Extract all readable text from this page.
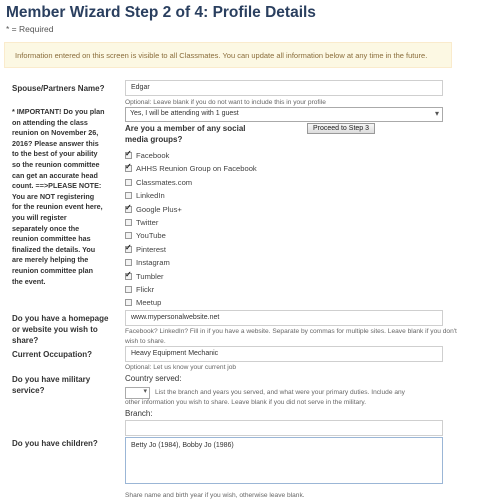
Member Wizard Step 2 of 4: Profile Details
* = Required
Information entered on this screen is visible to all Classmates. You can update all information below at any time in the future.
Spouse/Partners Name?	Edgar
Optional: Leave blank if you do not want to include this in your profile
* IMPORTANT! Do you plan
on attending the class
reunion on November 26,
2016? Please answer this
to the best of your ability
so the reunion committee
can get an accurate head
count. ==>PLEASE NOTE:
You are NOT registering
for the reunion event here,
you will register
separately once the
reunion committee has
finalized the details. You
are merely helping the
reunion committee plan
the event.
Yes, I will be attending with 1 guest	▾
Proceed to Step 3
Are you a member of any social media groups?
✓
Facebook
✓
AHHS Reunion Group on Facebook
Classmates.com
LinkedIn
✓
Google Plus+
Twitter
YouTube
✓
Pinterest
Instagram
✓
Tumbler
Flickr
Meetup
Do you have a homepage
or website you wish to
share?
www.mypersonalwebsite.net
Facebook? LinkedIn? Fill in if you have a website. Separate by commas for multiple sites. Leave blank if you don't
wish to share.
Current Occupation?	Heavy Equipment Mechanic
Optional: Let us know your current job
Do you have military
service?
Country served:
▾ List the branch and years you served, and what were your primary duties. Include any
other information you wish to share. Leave blank if you did not serve in the military.
Branch:
Do you have children?	Betty Jo (1984), Bobby Jo (1986)
Share name and birth year if you wish, otherwise leave blank.
